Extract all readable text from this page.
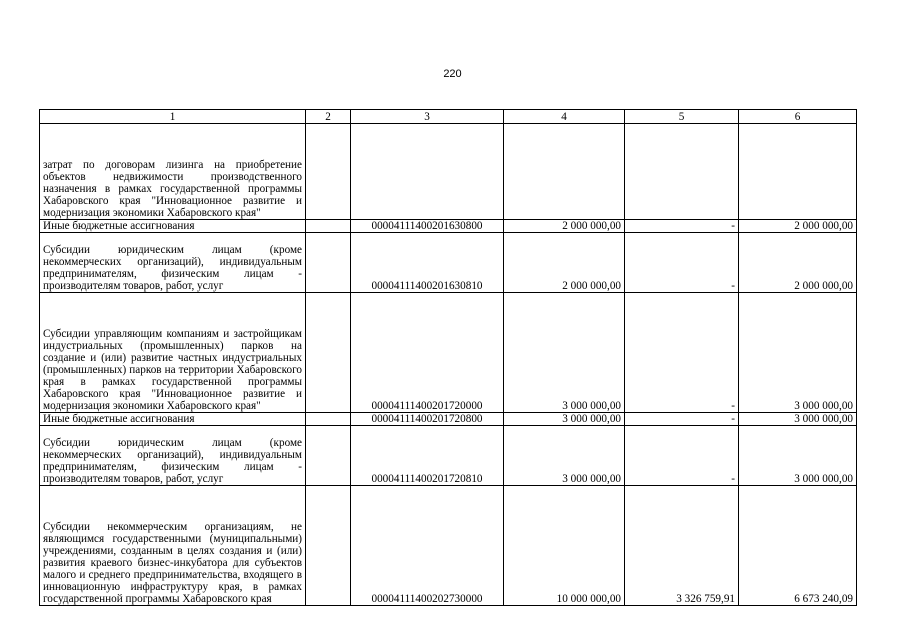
220
1	2	3	4	5	6
затрат по договорам лизинга на приобретение объектов недвижимости производственного назначения в рамках государственной программы Хабаровского края "Инновационное развитие и модернизация экономики Хабаровского края"					
Иные бюджетные ассигнования		00004111400201630800	2 000 000,00	-	2 000 000,00
Субсидии юридическим лицам (кроме некоммерческих организаций), индивидуальным предпринимателям, физическим лицам - производителям товаров, работ, услуг		00004111400201630810	2 000 000,00	-	2 000 000,00
Субсидии управляющим компаниям и застройщикам индустриальных (промышленных) парков на создание и (или) развитие частных индустриальных (промышленных) парков на территории Хабаровского края в рамках государственной программы Хабаровского края "Инновационное развитие и модернизация экономики Хабаровского края"		00004111400201720000	3 000 000,00	-	3 000 000,00
Иные бюджетные ассигнования		00004111400201720800	3 000 000,00	-	3 000 000,00
Субсидии юридическим лицам (кроме некоммерческих организаций), индивидуальным предпринимателям, физическим лицам - производителям товаров, работ, услуг		00004111400201720810	3 000 000,00	-	3 000 000,00
Субсидии некоммерческим организациям, не являющимся государственными (муниципальными) учреждениями, созданным в целях создания и (или) развития краевого бизнес-инкубатора для субъектов малого и среднего предпринимательства, входящего в инновационную инфраструктуру края, в рамках государственной программы Хабаровского края		00004111400202730000	10 000 000,00	3 326 759,91	6 673 240,09
